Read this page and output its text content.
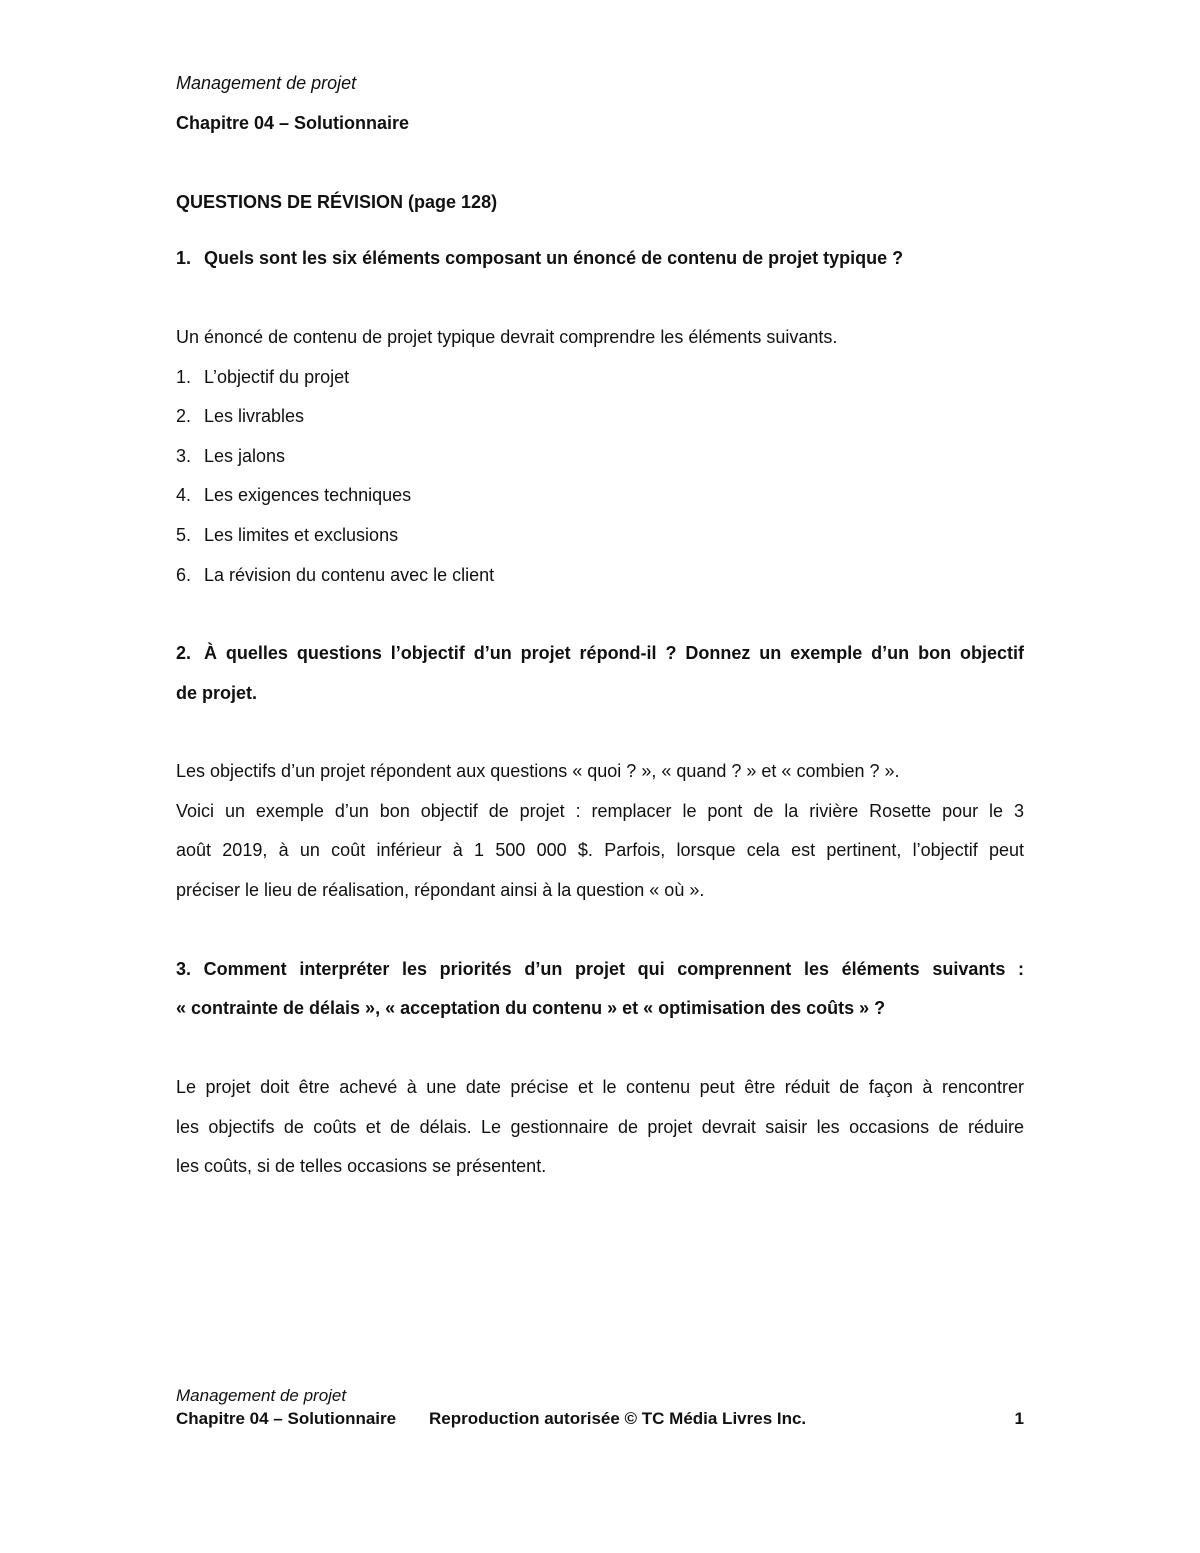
Management de projet
Chapitre 04 – Solutionnaire
QUESTIONS DE RÉVISION (page 128)
1. Quels sont les six éléments composant un énoncé de contenu de projet typique ?
Un énoncé de contenu de projet typique devrait comprendre les éléments suivants.
1. L’objectif du projet
2. Les livrables
3. Les jalons
4. Les exigences techniques
5. Les limites et exclusions
6. La révision du contenu avec le client
2. À quelles questions l’objectif d’un projet répond-il ? Donnez un exemple d’un bon objectif
de projet.
Les objectifs d’un projet répondent aux questions « quoi ? », « quand ? » et « combien ? ».
Voici un exemple d’un bon objectif de projet : remplacer le pont de la rivière Rosette pour le 3
août 2019, à un coût inférieur à 1 500 000 $. Parfois, lorsque cela est pertinent, l’objectif peut
préciser le lieu de réalisation, répondant ainsi à la question « où ».
3. Comment interpréter les priorités d’un projet qui comprennent les éléments suivants :
« contrainte de délais », « acceptation du contenu » et « optimisation des coûts » ?
Le projet doit être achevé à une date précise et le contenu peut être réduit de façon à rencontrer
les objectifs de coûts et de délais. Le gestionnaire de projet devrait saisir les occasions de réduire
les coûts, si de telles occasions se présentent.
Management de projet
Chapitre 04 – Solutionnaire Reproduction autorisée © TC Média Livres Inc.	1
